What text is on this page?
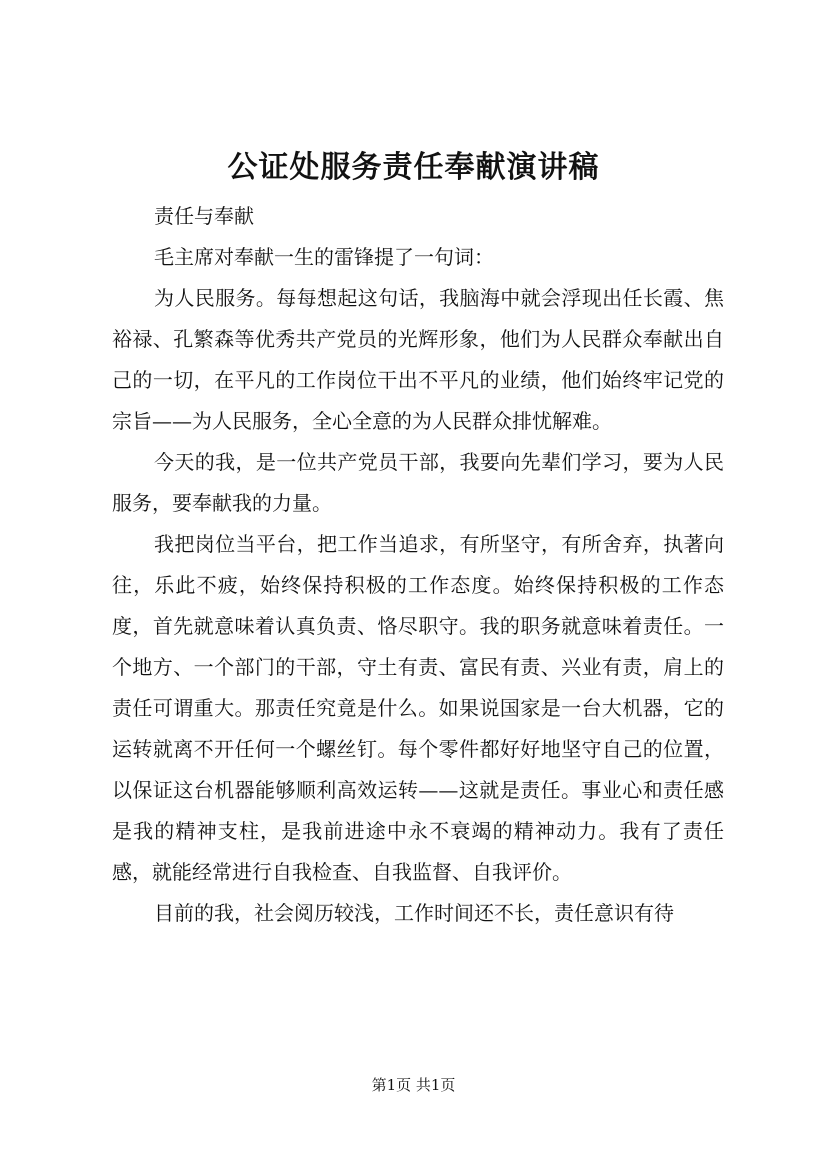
公证处服务责任奉献演讲稿

责任与奉献

毛主席对奉献一生的雷锋提了一句词：

为人民服务。每每想起这句话，我脑海中就会浮现出任长霞、焦裕禄、孔繁森等优秀共产党员的光辉形象，他们为人民群众奉献出自己的一切，在平凡的工作岗位干出不平凡的业绩，他们始终牢记党的宗旨——为人民服务，全心全意的为人民群众排忧解难。

今天的我，是一位共产党员干部，我要向先辈们学习，要为人民服务，要奉献我的力量。

我把岗位当平台，把工作当追求，有所坚守，有所舍弃，执著向往，乐此不疲，始终保持积极的工作态度。始终保持积极的工作态度，首先就意味着认真负责、恪尽职守。我的职务就意味着责任。一个地方、一个部门的干部，守土有责、富民有责、兴业有责，肩上的责任可谓重大。那责任究竟是什么。如果说国家是一台大机器，它的运转就离不开任何一个螺丝钉。每个零件都好好地坚守自己的位置，以保证这台机器能够顺利高效运转——这就是责任。事业心和责任感是我的精神支柱，是我前进途中永不衰竭的精神动力。我有了责任感，就能经常进行自我检查、自我监督、自我评价。

目前的我，社会阅历较浅，工作时间还不长，责任意识有待

第1页 共1页
